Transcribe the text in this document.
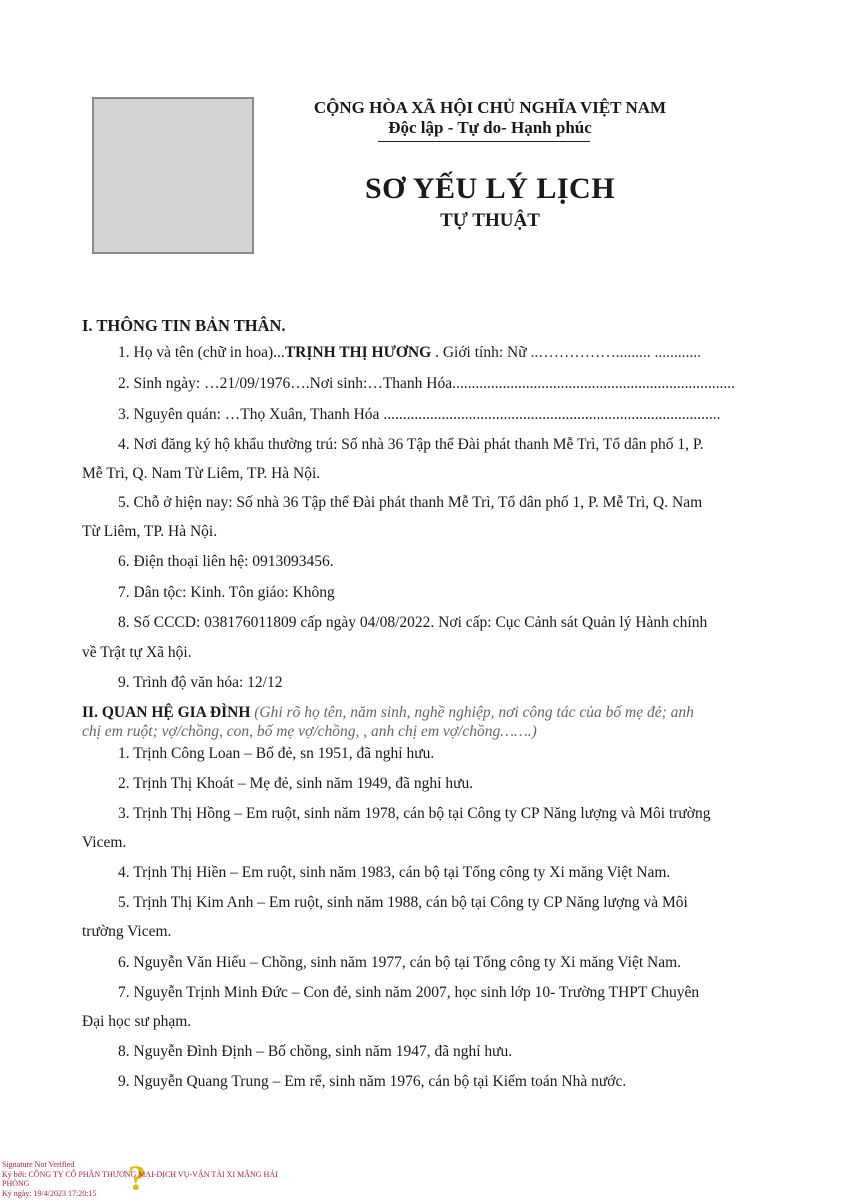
CỘNG HÒA XÃ HỘI CHỦ NGHĨA VIỆT NAM
Độc lập - Tự do- Hạnh phúc
SƠ YẾU LÝ LỊCH
TỰ THUẬT
I. THÔNG TIN BẢN THÂN.
1. Họ và tên (chữ in hoa)...TRỊNH THỊ HƯƠNG . Giới tính: Nữ ..……………......... ............
2. Sinh ngày: …21/09/1976….Nơi sinh:…Thanh Hóa.........................................................................
3. Nguyên quán: …Thọ Xuân, Thanh Hóa .......................................................................................
4. Nơi đăng ký hộ khẩu thường trú: Số nhà 36 Tập thể Đài phát thanh Mễ Trì, Tổ dân phố 1, P.
Mễ Trì, Q. Nam Từ Liêm, TP. Hà Nội.
5. Chỗ ở hiện nay: Số nhà 36 Tập thể Đài phát thanh Mễ Trì, Tổ dân phố 1, P. Mễ Trì, Q. Nam
Từ Liêm, TP. Hà Nội.
6. Điện thoại liên hệ: 0913093456.
7. Dân tộc: Kinh. Tôn giáo: Không
8. Số CCCD: 038176011809 cấp ngày 04/08/2022. Nơi cấp: Cục Cảnh sát Quản lý Hành chính
về Trật tự Xã hội.
9. Trình độ văn hóa: 12/12
II. QUAN HỆ GIA ĐÌNH (Ghi rõ họ tên, năm sinh, nghề nghiệp, nơi công tác của bố mẹ đẻ; anh
chị em ruột; vợ/chồng, con, bố mẹ vợ/chồng, , anh chị em vợ/chồng…….)
1. Trịnh Công Loan – Bố đẻ, sn 1951, đã nghỉ hưu.
2. Trịnh Thị Khoát – Mẹ đẻ, sinh năm 1949, đã nghỉ hưu.
3. Trịnh Thị Hồng – Em ruột, sinh năm 1978, cán bộ tại Công ty CP Năng lượng và Môi trường
Vicem.
4. Trịnh Thị Hiền – Em ruột, sinh năm 1983, cán bộ tại Tổng công ty Xi măng Việt Nam.
5. Trịnh Thị Kim Anh – Em ruột, sinh năm 1988, cán bộ tại Công ty CP Năng lượng và Môi
trường Vicem.
6. Nguyễn Văn Hiếu – Chồng, sinh năm 1977, cán bộ tại Tổng công ty Xi măng Việt Nam.
7. Nguyễn Trịnh Minh Đức – Con đẻ, sinh năm 2007, học sinh lớp 10- Trường THPT Chuyên
Đại học sư phạm.
8. Nguyễn Đình Định – Bố chồng, sinh năm 1947, đã nghỉ hưu.
9. Nguyễn Quang Trung – Em rể, sinh năm 1976, cán bộ tại Kiểm toán Nhà nước.
?
Signature Not Verified
Ký bởi: CÔNG TY CỔ PHẦN THƯƠNG MẠI-DỊCH VỤ-VẬN TẢI XI MĂNG HẢI
PHÒNG
Ký ngày: 19/4/2023 17:20:15
